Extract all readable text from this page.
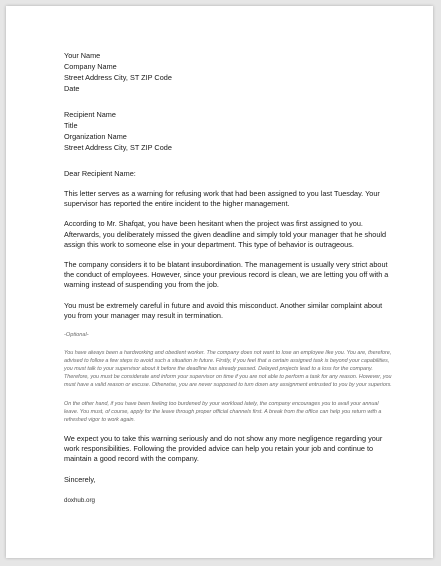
Your Name
Company Name
Street Address City, ST ZIP Code
Date
Recipient Name
Title
Organization Name
Street Address City, ST ZIP Code
Dear Recipient Name:

This letter serves as a warning for refusing work that had been assigned to you last Tuesday. Your supervisor has reported the entire incident to the higher management.

According to Mr. Shafqat, you have been hesitant when the project was first assigned to you. Afterwards, you deliberately missed the given deadline and simply told your manager that he should assign this work to someone else in your department. This type of behavior is outrageous.

The company considers it to be blatant insubordination. The management is usually very strict about the conduct of employees. However, since your previous record is clean, we are letting you off with a warning instead of suspending you from the job.

You must be extremely careful in future and avoid this misconduct. Another similar complaint about you from your manager may result in termination.

-Optional-

You have always been a hardworking and obedient worker. The company does not want to lose an employee like you. You are, therefore, advised to follow a few steps to avoid such a situation in future. Firstly, if you feel that a certain assigned task is beyond your capabilities, you must talk to your supervisor about it before the deadline has already passed. Delayed projects lead to a loss for the company. Therefore, you must be considerate and inform your supervisor on time if you are not able to perform a task for any reason. However, you must have a valid reason or excuse. Otherwise, you are never supposed to turn down any assignment entrusted to you by your superiors.

On the other hand, if you have been feeling too burdened by your workload lately, the company encourages you to avail your annual leave. You must, of course, apply for the leave through proper official channels first. A break from the office can help you return with a refreshed vigor to work again.

We expect you to take this warning seriously and do not show any more negligence regarding your work responsibilities. Following the provided advice can help you retain your job and continue to maintain a good record with the company.

Sincerely,
doxhub.org
